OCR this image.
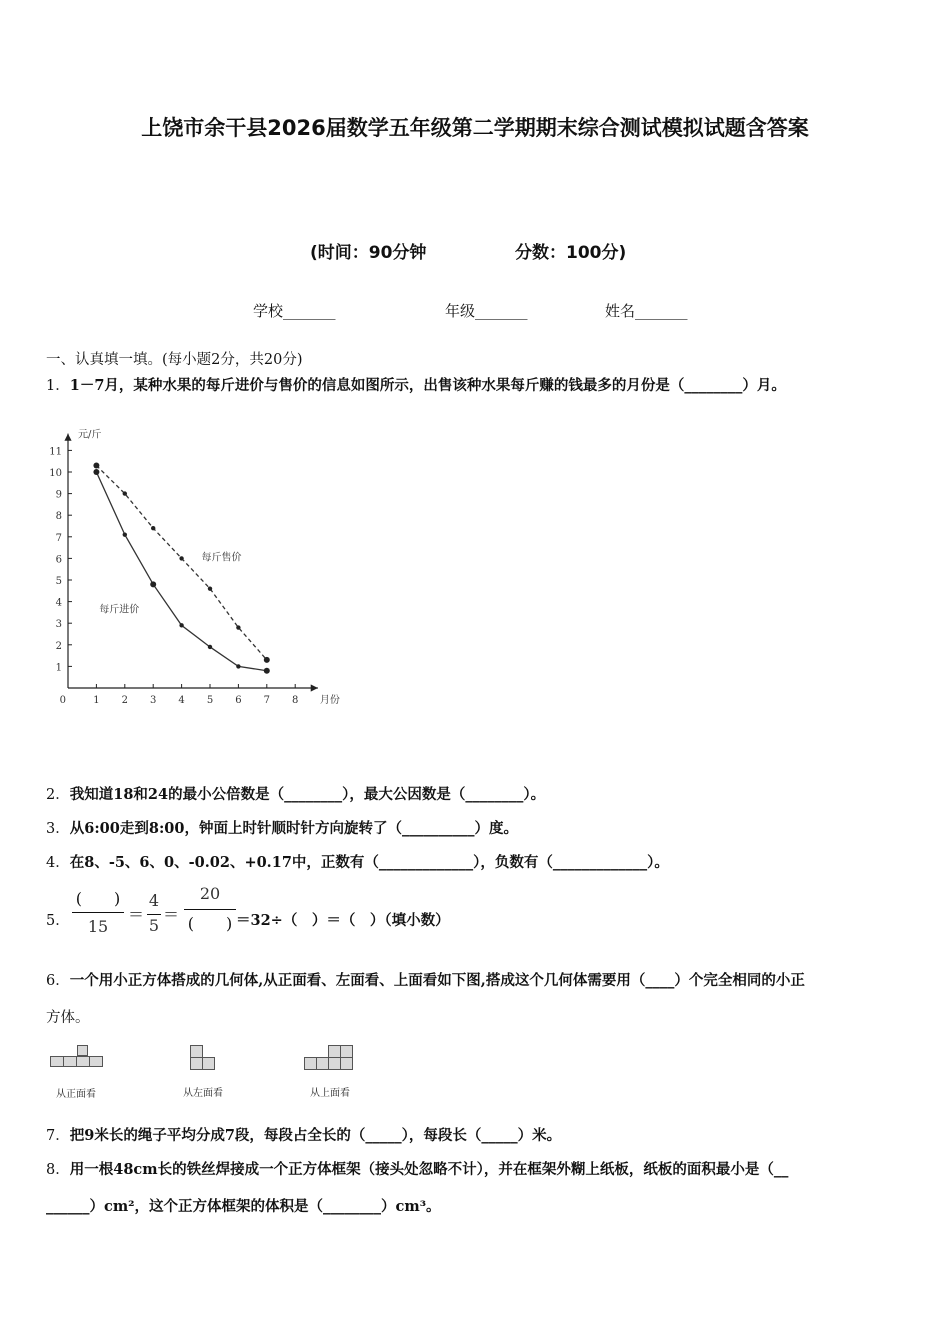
上饶市余干县2026届数学五年级第二学期期末综合测试模拟试题含答案
(时间：90分钟	分数：100分)
学校_______	年级_______	姓名_______
一、认真填一填。(每小题2分，共20分)
1．1－7月，某种水果的每斤进价与售价的信息如图所示，出售该种水果每斤赚的钱最多的月份是（________）月。
1 2 3 4 5 6 7 8
1
2
3
4
5
6
7
8
9
10
11
0
元/斤
月份
每斤售价
每斤进价
2．我知道18和24的最小公倍数是（________），最大公因数是（________）。
3．从6:00走到8:00，钟面上时针顺时针方向旋转了（__________）度。
4．在8、-5、6、0、-0.02、+0.17中，正数有（_____________），负数有（_____________）。
5．
(　　)
15
＝
4
5
＝
20
(　　) ＝32÷（　）＝（　）（填小数）
6．一个用小正方体搭成的几何体,从正面看、左面看、上面看如下图,搭成这个几何体需要用（____）个完全相同的小正
方体。
从正面看	从左面看	从上面看
7．把9米长的绳子平均分成7段，每段占全长的（_____），每段长（_____）米。
8．用一根48cm长的铁丝焊接成一个正方体框架（接头处忽略不计），并在框架外糊上纸板，纸板的面积最小是（__
______）cm²，这个正方体框架的体积是（________）cm³。
